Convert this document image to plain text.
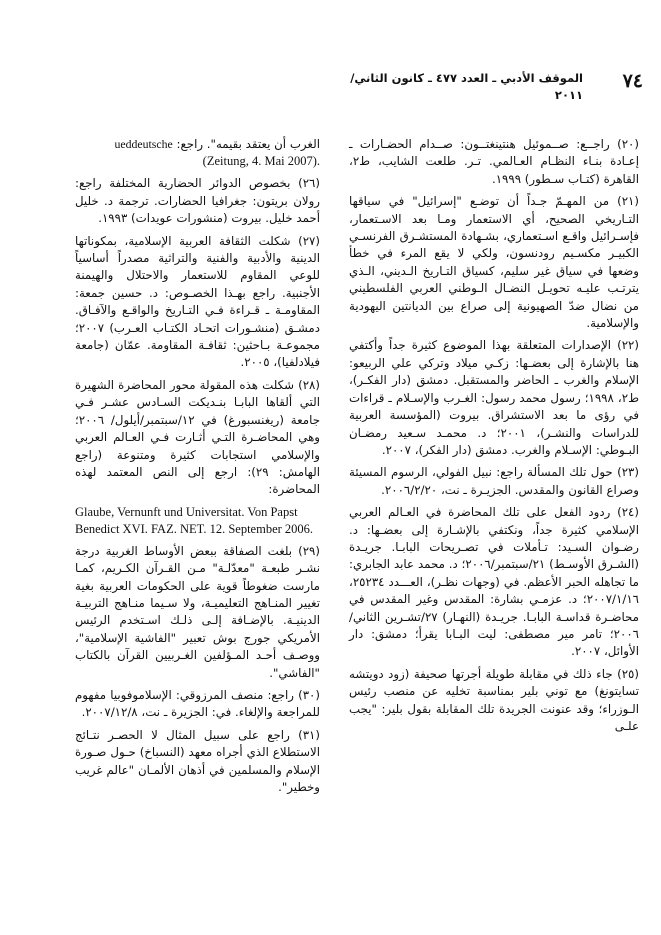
٧٤
الموقف الأدبي ـ العدد ٤٧٧ ـ كانون الثاني/
٢٠١١

(٢٠) راجــع: صــموئيل هنتينغتــون: صــدام الحضـارات ـ إعـادة بنـاء النظـام العـالمي. تـر. طلعت الشايب، ط٢، القاهرة (كتـاب سـطور) ١٩٩٩.

(٢١) من المهـمّ جـداً أن توضـع "إسرائيل" في سياقها التـاريخي الصحيح، أي الاستعمار ومـا بعد الاسـتعمار، فإسـرائيل واقـع اسـتعماري، بشـهادة المستشـرق الفرنسـي الكبيـر مكسـيم رودنسون، ولكي لا يقع المرء في خطأ وضعها في سياق غير سليم، كسياق التـاريخ الـديني، الـذي يترتـب عليـه تحويـل النضـال الـوطني العربي الفلسطيني من نضال ضدّ الصهيونية إلى صراع بين الديانتين اليهودية والإسلامية.

(٢٢) الإصدارات المتعلقة بهذا الموضوع كثيرة جداً وأكتفي هنا بالإشارة إلى بعضـها: زكـي ميلاد وتركي علي الربيعو: الإسلام والغرب ـ الحاضر والمستقبل. دمشق (دار الفكـر)، ط٢، ١٩٩٨؛ رسول محمد رسول: الغـرب والإسـلام ـ قراءات في رؤى ما بعد الاستشراق. بيروت (المؤسسة العربية للدراسات والنشـر)، ٢٠٠١؛ د. محمـد سـعيد رمضـان البـوطي: الإسـلام والغرب. دمشق (دار الفكر)، ٢٠٠٧.

(٢٣) حول تلك المسألة راجع: نبيل الفولي، الرسوم المسيئة وصراع القانون والمقدس. الجزيـرة ـ نت، ٢٠٠٦/٢/٢٠.

(٢٤) ردود الفعل على تلك المحاضرة في العـالم العربي الإسلامي كثيرة جداً، ونكتفي بالإشـارة إلى بعضـها: د. رضـوان السـيد: تـأملات في تصـريحات البابـا. جريـدة (الشـرق الأوسـط) ٢١/سبتمبر/٢٠٠٦؛ د. محمد عابد الجابري: ما تجاهله الحبر الأعظم. في (وجهات نظـر)، العـــدد ٢٥٢٣٤، ٢٠٠٧/١/١٦؛ د. عزمـي بشارة: المقدس وغير المقدس في محاضـرة قداسـة البابـا. جريـدة (النهـار) ٢٧/تشـرين الثاني/٢٠٠٦؛ تامر مير مصطفى: ليت البـابا يقرأ؛ دمشق: دار الأوائل، ٢٠٠٧.

(٢٥) جاء ذلك في مقابلة طويلة أجرتها صحيفة (زود دويتشه تسايتونغ) مع توني بلير بمناسبة تخليه عن منصب رئيس الـوزراء؛ وقد عنونت الجريدة تلك المقابلة بقول بلير: "يجب علـى

الغرب أن يعتقد بقيمه". راجع: ueddeutsche

(Zeitung, 4. Mai 2007).

(٢٦) بخصوص الدوائر الحضارية المختلفة راجع: رولان بريتون: جغرافيا الحضارات. ترجمة د. خليل أحمد خليل. بيروت (منشورات عويدات) ١٩٩٣.

(٢٧) شكلت الثقافة العربية الإسلامية، بمكوناتها الدينية والأدبية والفنية والتراثية مصدراً أساسياً للوعي المقاوم للاستعمار والاحتلال والهيمنة الأجنبية. راجع بهـذا الخصـوص: د. حسين جمعة: المقاومـة ـ قـراءة فـي التـاريخ والواقـع والآفـاق. دمشـق (منشـورات اتحـاد الكتـاب العـرب) ٢٠٠٧؛ مجموعـة بـاحثين: ثقافـة المقاومة. عمّان (جامعة فيلادلفيا)، ٢٠٠٥.

(٢٨) شكلت هذه المقولة محور المحاضرة الشهيرة التي ألقاها البابـا بنـديكت السـادس عشـر فـي جامعة (ريغنسبورغ) في ١٢/سبتمبر/أيلول/ ٢٠٠٦؛ وهي المحاضـرة التـي أثـارت فـي العـالم العربي والإسلامي استجابات كثيرة ومتنوعة (راجع الهامش: ٢٩): ارجع إلى النص المعتمد لهذه المحاضرة:

Glaube, Vernunft und Universitat. Von Papst Benedict XVI. FAZ. NET. 12. September 2006.

(٢٩) بلغت الصفاقة ببعض الأوساط الغربية درجة نشـر طبعـة "معدّلـة" مـن القـرآن الكـريم، كمـا مارست ضغوطاً قوية على الحكومات العربية بغية تغيير المنـاهج التعليميـة، ولا سـيما منـاهج التربيـة الدينيـة. بالإضـافة إلـى ذلـك اسـتخدم الرئيس الأمريكي جورج بوش تعبير "الفاشية الإسلامية"، ووصـف أحـد المـؤلفين الغـربيين القرآن بالكتاب "الفاشي".

(٣٠) راجع: منصف المرزوقي: الإسلاموفوبيا مفهوم للمراجعة والإلغاء. في: الجزيرة ـ نت، ٢٠٠٧/١٢/٨.

(٣١) راجع على سبيل المثال لا الحصـر نتـائج الاستطلاع الذي أجراه معهد (النسباخ) حـول صـورة الإسلام والمسلمين في أذهان الألمـان "عالم غريب وخطير".
